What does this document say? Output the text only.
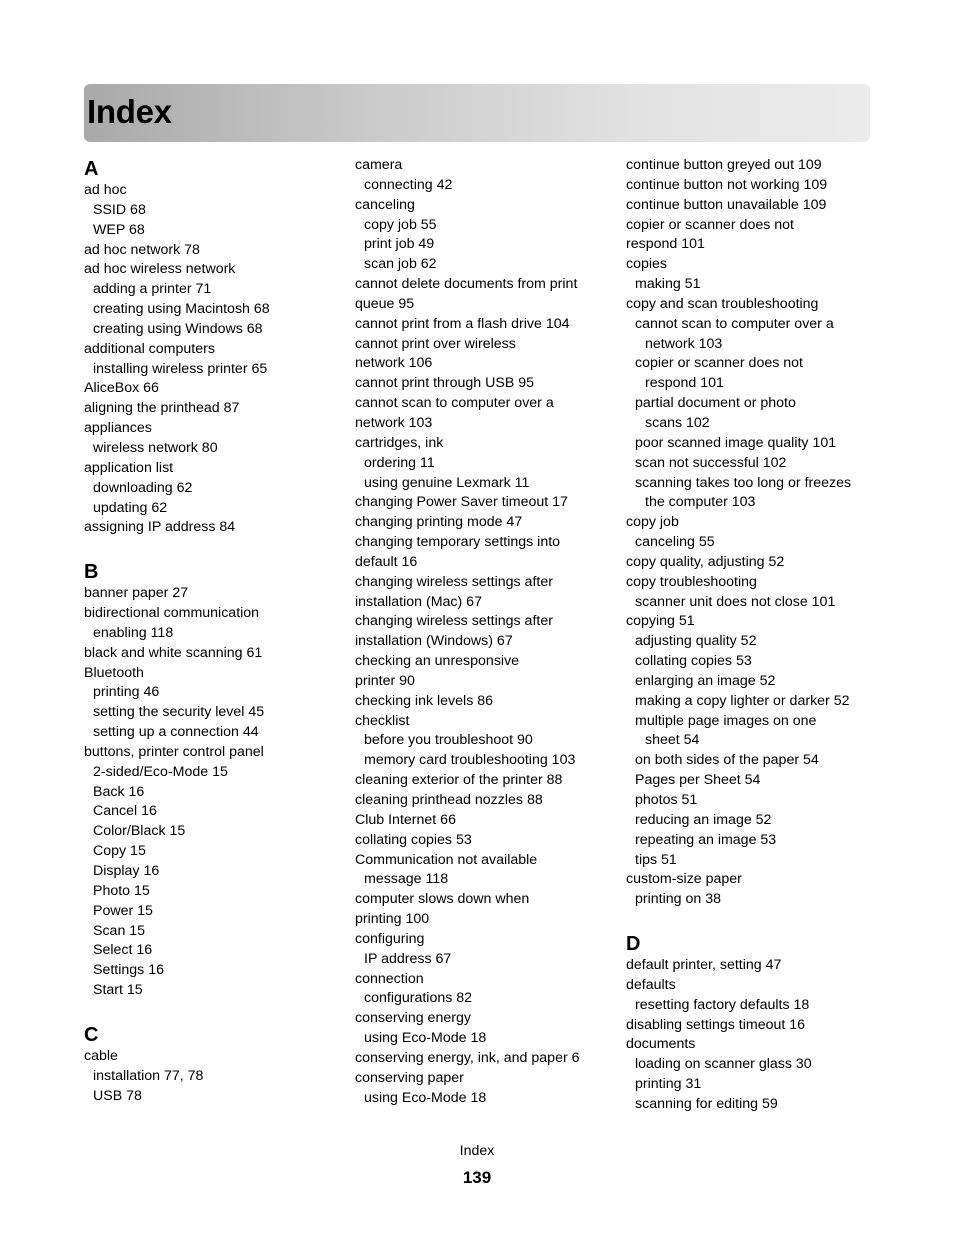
Index
A
ad hoc
SSID 68
WEP 68
ad hoc network 78
ad hoc wireless network
adding a printer 71
creating using Macintosh 68
creating using Windows 68
additional computers
installing wireless printer 65
AliceBox 66
aligning the printhead 87
appliances
wireless network 80
application list
downloading 62
updating 62
assigning IP address 84
B
banner paper 27
bidirectional communication
enabling 118
black and white scanning 61
Bluetooth
printing 46
setting the security level 45
setting up a connection 44
buttons, printer control panel
2-sided/Eco-Mode 15
Back 16
Cancel 16
Color/Black 15
Copy 15
Display 16
Photo 15
Power 15
Scan 15
Select 16
Settings 16
Start 15
C
cable
installation 77, 78
USB 78
camera
connecting 42
canceling
copy job 55
print job 49
scan job 62
cannot delete documents from print
queue 95
cannot print from a flash drive 104
cannot print over wireless
network 106
cannot print through USB 95
cannot scan to computer over a
network 103
cartridges, ink
ordering 11
using genuine Lexmark 11
changing Power Saver timeout 17
changing printing mode 47
changing temporary settings into
default 16
changing wireless settings after
installation (Mac) 67
changing wireless settings after
installation (Windows) 67
checking an unresponsive
printer 90
checking ink levels 86
checklist
before you troubleshoot 90
memory card troubleshooting 103
cleaning exterior of the printer 88
cleaning printhead nozzles 88
Club Internet 66
collating copies 53
Communication not available
message 118
computer slows down when
printing 100
configuring
IP address 67
connection
configurations 82
conserving energy
using Eco-Mode 18
conserving energy, ink, and paper 6
conserving paper
using Eco-Mode 18
continue button greyed out 109
continue button not working 109
continue button unavailable 109
copier or scanner does not
respond 101
copies
making 51
copy and scan troubleshooting
cannot scan to computer over a
network 103
copier or scanner does not
respond 101
partial document or photo
scans 102
poor scanned image quality 101
scan not successful 102
scanning takes too long or freezes
the computer 103
copy job
canceling 55
copy quality, adjusting 52
copy troubleshooting
scanner unit does not close 101
copying 51
adjusting quality 52
collating copies 53
enlarging an image 52
making a copy lighter or darker 52
multiple page images on one
sheet 54
on both sides of the paper 54
Pages per Sheet 54
photos 51
reducing an image 52
repeating an image 53
tips 51
custom-size paper
printing on 38
D
default printer, setting 47
defaults
resetting factory defaults 18
disabling settings timeout 16
documents
loading on scanner glass 30
printing 31
scanning for editing 59
Index
139
